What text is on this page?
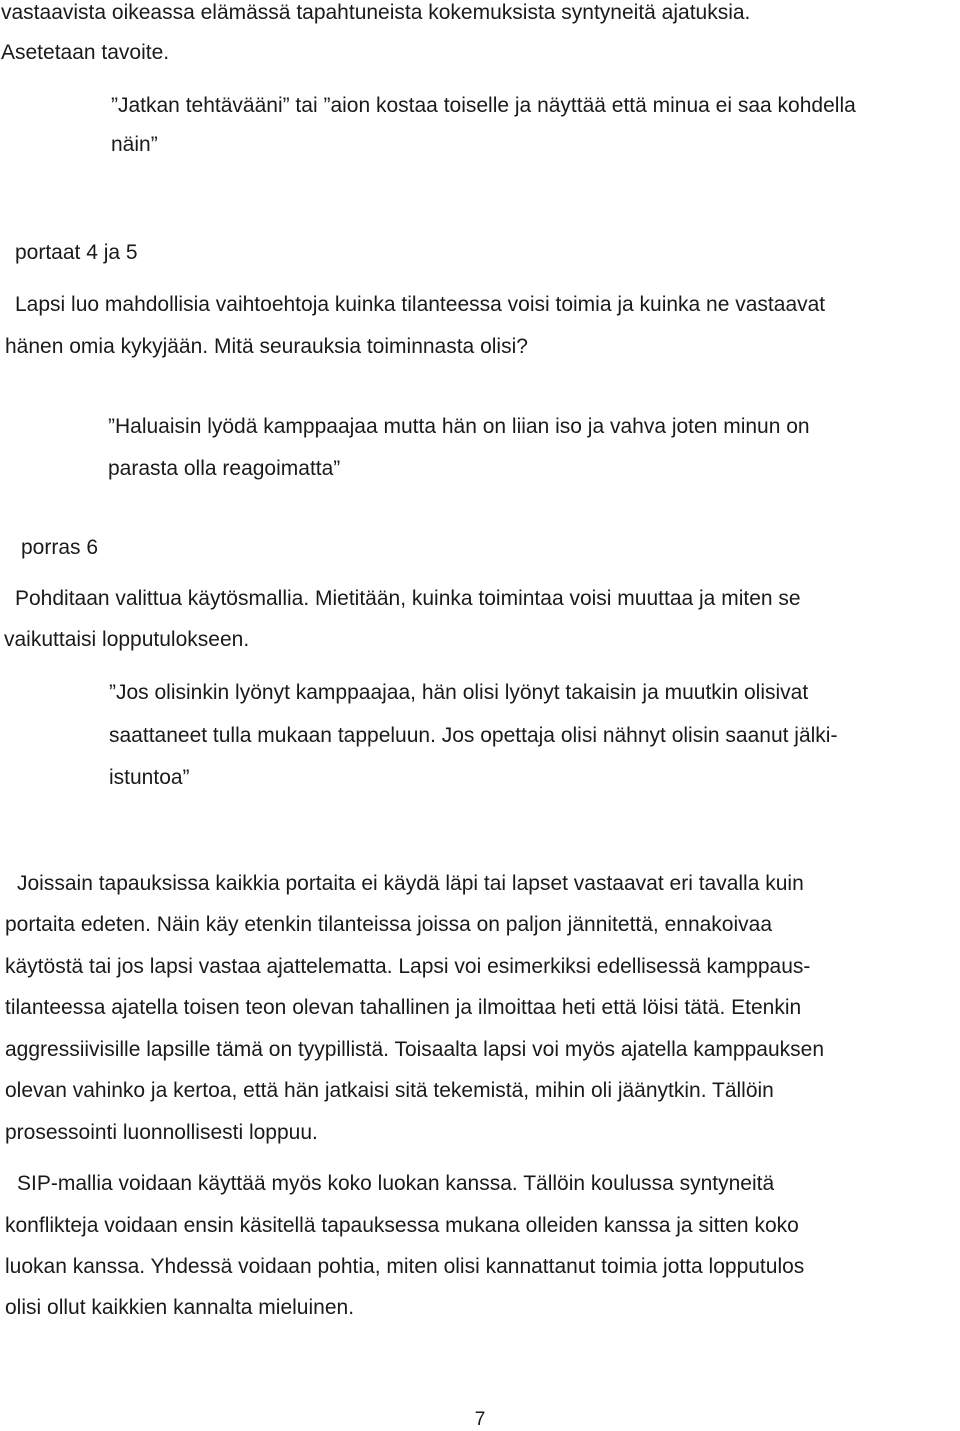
vastaavista oikeassa elämässä tapahtuneista kokemuksista syntyneitä ajatuksia.
Asetetaan tavoite.
”Jatkan tehtävääni” tai ”aion kostaa toiselle ja näyttää että minua ei saa kohdella
näin”
portaat 4 ja 5
Lapsi luo mahdollisia vaihtoehtoja kuinka tilanteessa voisi toimia ja kuinka ne vastaavat
hänen omia kykyjään. Mitä seurauksia toiminnasta olisi?
”Haluaisin lyödä kamppaajaa mutta hän on liian iso ja vahva joten minun on
parasta olla reagoimatta”
porras 6
Pohditaan valittua käytösmallia. Mietitään, kuinka toimintaa voisi muuttaa ja miten se
vaikuttaisi lopputulokseen.
”Jos olisinkin lyönyt kamppaajaa, hän olisi lyönyt takaisin ja muutkin olisivat
saattaneet tulla mukaan tappeluun. Jos opettaja olisi nähnyt olisin saanut jälki-
istuntoa”
Joissain tapauksissa kaikkia portaita ei käydä läpi tai lapset vastaavat eri tavalla kuin
portaita edeten. Näin käy etenkin tilanteissa joissa on paljon jännitettä, ennakoivaa
käytöstä tai jos lapsi vastaa ajattelematta. Lapsi voi esimerkiksi edellisessä kamppaus-
tilanteessa ajatella toisen teon olevan tahallinen ja ilmoittaa heti että löisi tätä. Etenkin
aggressiivisille lapsille tämä on tyypillistä. Toisaalta lapsi voi myös ajatella kamppauksen
olevan vahinko ja kertoa, että hän jatkaisi sitä tekemistä, mihin oli jäänytkin. Tällöin
prosessointi luonnollisesti loppuu.
SIP-mallia voidaan käyttää myös koko luokan kanssa. Tällöin koulussa syntyneitä
konflikteja voidaan ensin käsitellä tapauksessa mukana olleiden kanssa ja sitten koko
luokan kanssa. Yhdessä voidaan pohtia, miten olisi kannattanut toimia jotta lopputulos
olisi ollut kaikkien kannalta mieluinen.
7
